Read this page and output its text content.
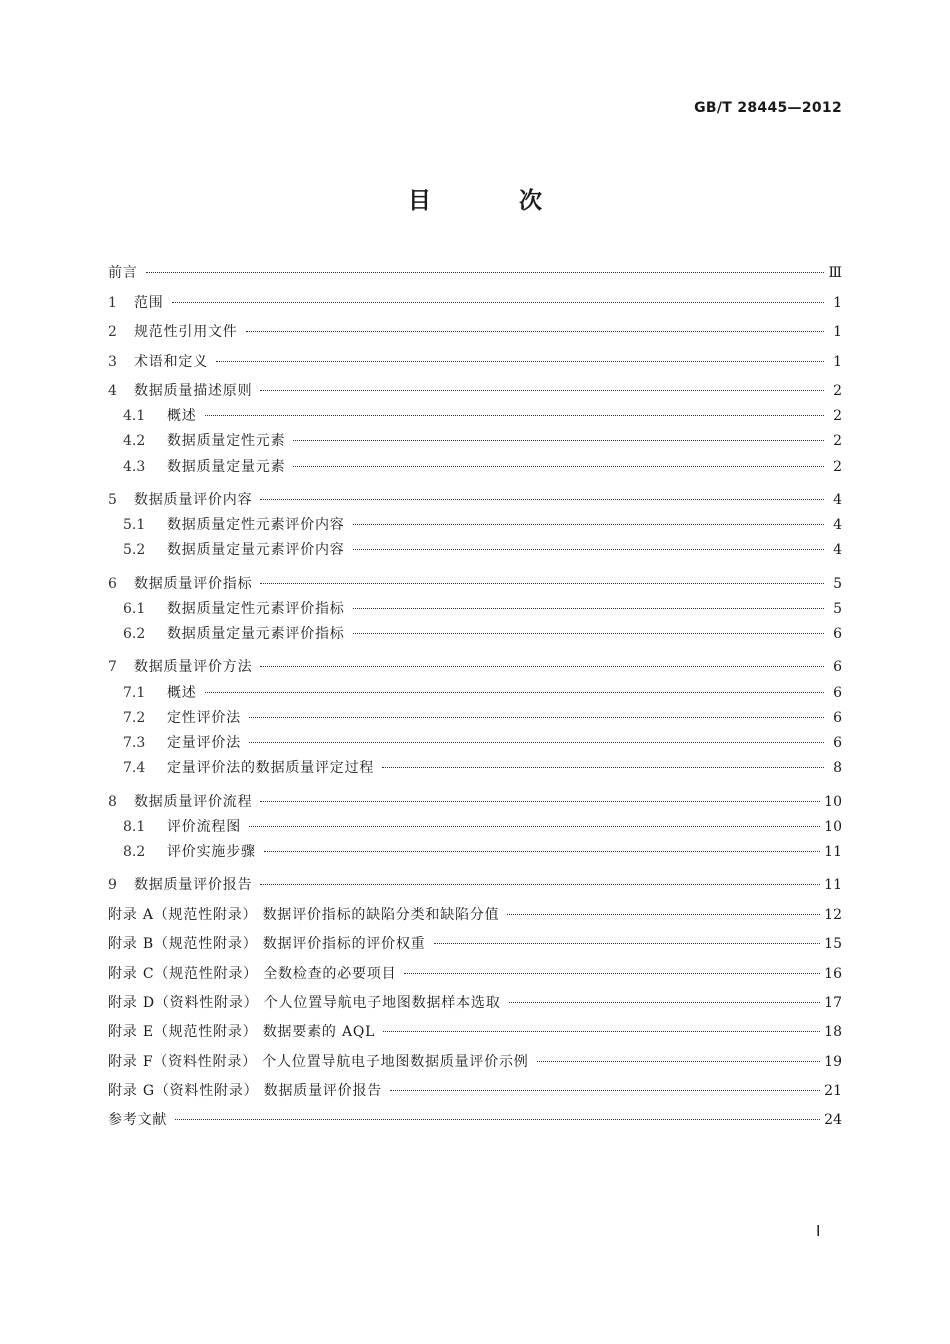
GB/T 28445—2012
目 次
前言	Ⅲ
1	范围	1
2	规范性引用文件	1
3	术语和定义	1
4	数据质量描述原则	2
4.1	概述	2
4.2	数据质量定性元素	2
4.3	数据质量定量元素	2
5	数据质量评价内容	4
5.1	数据质量定性元素评价内容	4
5.2	数据质量定量元素评价内容	4
6	数据质量评价指标	5
6.1	数据质量定性元素评价指标	5
6.2	数据质量定量元素评价指标	6
7	数据质量评价方法	6
7.1	概述	6
7.2	定性评价法	6
7.3	定量评价法	6
7.4	定量评价法的数据质量评定过程	8
8	数据质量评价流程	10
8.1	评价流程图	10
8.2	评价实施步骤	11
9	数据质量评价报告	11
附录 A（规范性附录） 数据评价指标的缺陷分类和缺陷分值	12
附录 B（规范性附录） 数据评价指标的评价权重	15
附录 C（规范性附录） 全数检查的必要项目	16
附录 D（资料性附录） 个人位置导航电子地图数据样本选取	17
附录 E（规范性附录） 数据要素的 AQL	18
附录 F（资料性附录） 个人位置导航电子地图数据质量评价示例	19
附录 G（资料性附录） 数据质量评价报告	21
参考文献	24
Ⅰ
